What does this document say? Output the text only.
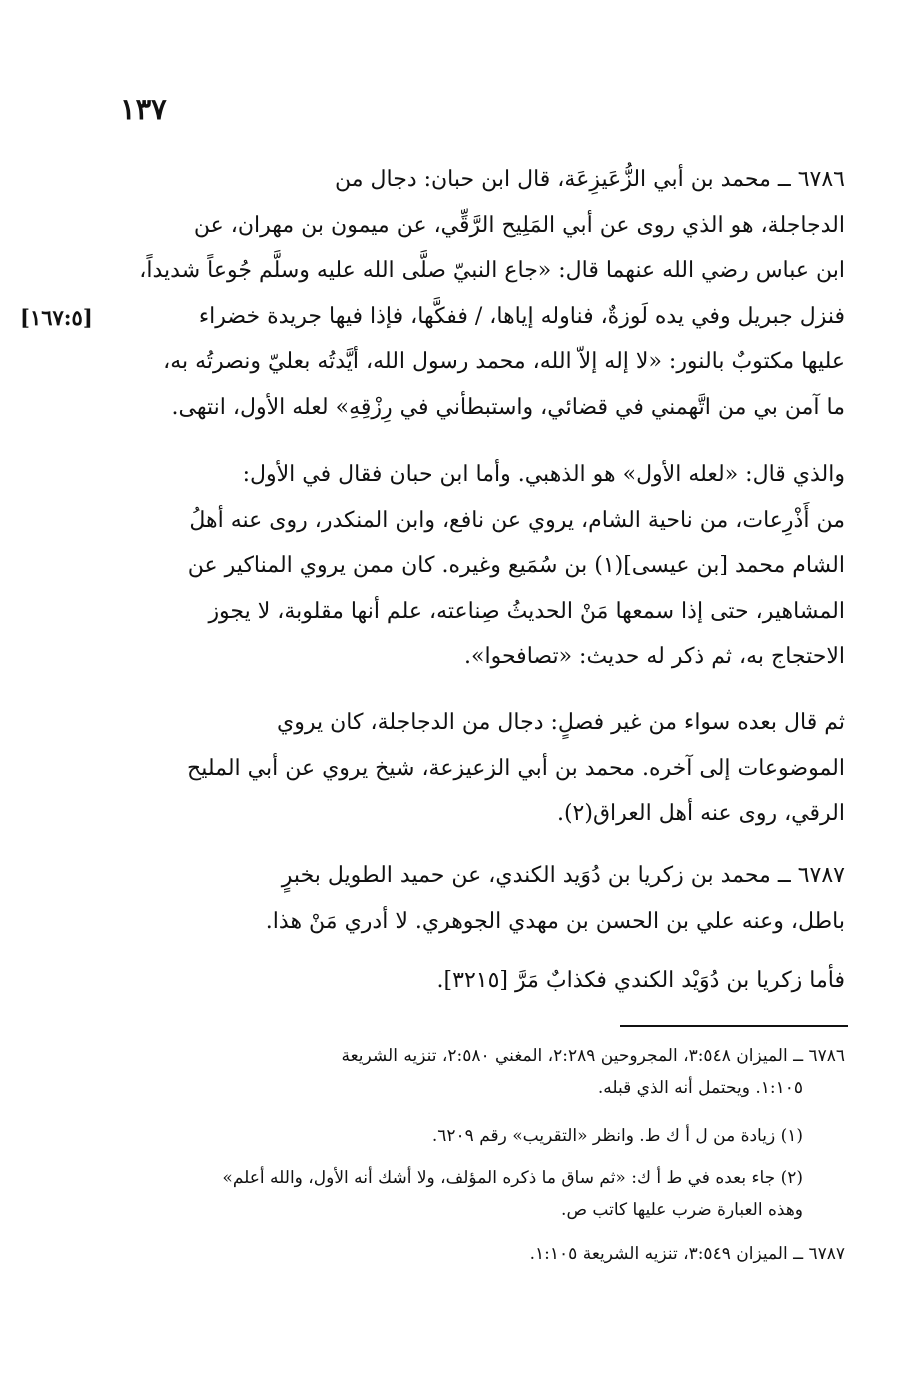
١٣٧
[١٦٧:٥]
٦٧٨٦ ــ محمد بن أبي الزُّعَيزِعَة، قال ابن حبان: دجال من
الدجاجلة، هو الذي روى عن أبي المَلِيح الرَّقِّي، عن ميمون بن مهران، عن
ابن عباس رضي الله عنهما قال: «جاع النبيّ صلَّى الله عليه وسلَّم جُوعاً شديداً،
فنزل جبريل وفي يده لَوزةٌ، فناوله إياها، / ففكَّها، فإذا فيها جريدة خضراء
عليها مكتوبٌ بالنور: «لا إله إلاّ الله، محمد رسول الله، أيَّدتُه بعليّ ونصرتُه به،
ما آمن بي من اتَّهمني في قضائي، واستبطأني في رِزْقِهِ» لعله الأول، انتهى.
والذي قال: «لعله الأول» هو الذهبي. وأما ابن حبان فقال في الأول:
من أَذْرِعات، من ناحية الشام، يروي عن نافع، وابن المنكدر، روى عنه أهلُ
الشام محمد [بن عيسى](١) بن سُمَيع وغيره. كان ممن يروي المناكير عن
المشاهير، حتى إذا سمعها مَنْ الحديثُ صِناعته، علم أنها مقلوبة، لا يجوز
الاحتجاج به، ثم ذكر له حديث: «تصافحوا».
ثم قال بعده سواء من غير فصلٍ: دجال من الدجاجلة، كان يروي
الموضوعات إلى آخره. محمد بن أبي الزعيزعة، شيخ يروي عن أبي المليح
الرقي، روى عنه أهل العراق(٢).
٦٧٨٧ ــ محمد بن زكريا بن دُوَيد الكندي، عن حميد الطويل بخبرٍ
باطل، وعنه علي بن الحسن بن مهدي الجوهري. لا أدري مَنْ هذا.
فأما زكريا بن دُوَيْد الكندي فكذابٌ مَرَّ [٣٢١٥].
٦٧٨٦ ــ الميزان ٣:٥٤٨، المجروحين ٢:٢٨٩، المغني ٢:٥٨٠، تنزيه الشريعة
١:١٠٥. ويحتمل أنه الذي قبله.
(١) زيادة من ل أ ك ط. وانظر «التقريب» رقم ٦٢٠٩.
(٢) جاء بعده في ط أ ك: «ثم ساق ما ذكره المؤلف، ولا أشك أنه الأول، والله أعلم»
وهذه العبارة ضرب عليها كاتب ص.
٦٧٨٧ ــ الميزان ٣:٥٤٩، تنزيه الشريعة ١:١٠٥.
